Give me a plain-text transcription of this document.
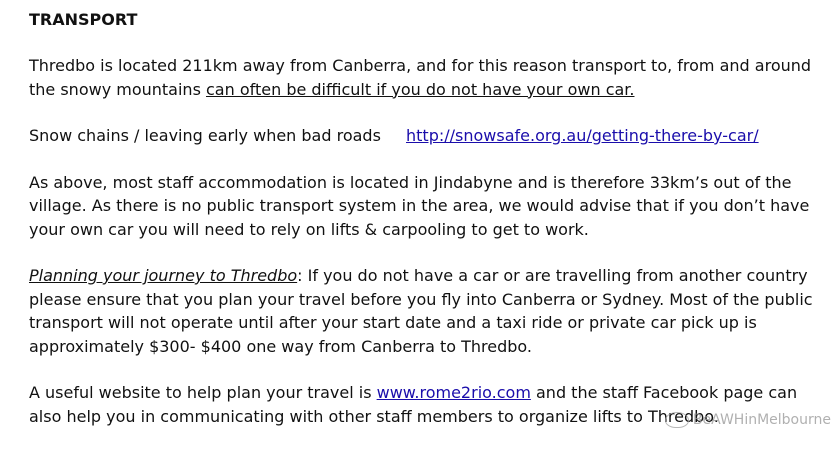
TRANSPORT
Thredbo is located 211km away from Canberra, and for this reason transport to, from and around the snowy mountains can often be difficult if you do not have your own car.
Snow chains / leaving early when bad roads http://snowsafe.org.au/getting-there-by-car/
As above, most staff accommodation is located in Jindabyne and is therefore 33km’s out of the village. As there is no public transport system in the area, we would advise that if you don’t have your own car you will need to rely on lifts & carpooling to get to work.
Planning your journey to Thredbo: If you do not have a car or are travelling from another country please ensure that you plan your travel before you fly into Canberra or Sydney. Most of the public transport will not operate until after your start date and a taxi ride or private car pick up is approximately $300- $400 one way from Canberra to Thredbo.
A useful website to help plan your travel is www.rome2rio.com and the staff Facebook page can also help you in communicating with other staff members to organize lifts to Thredbo.
BeAWHinMelbourne
